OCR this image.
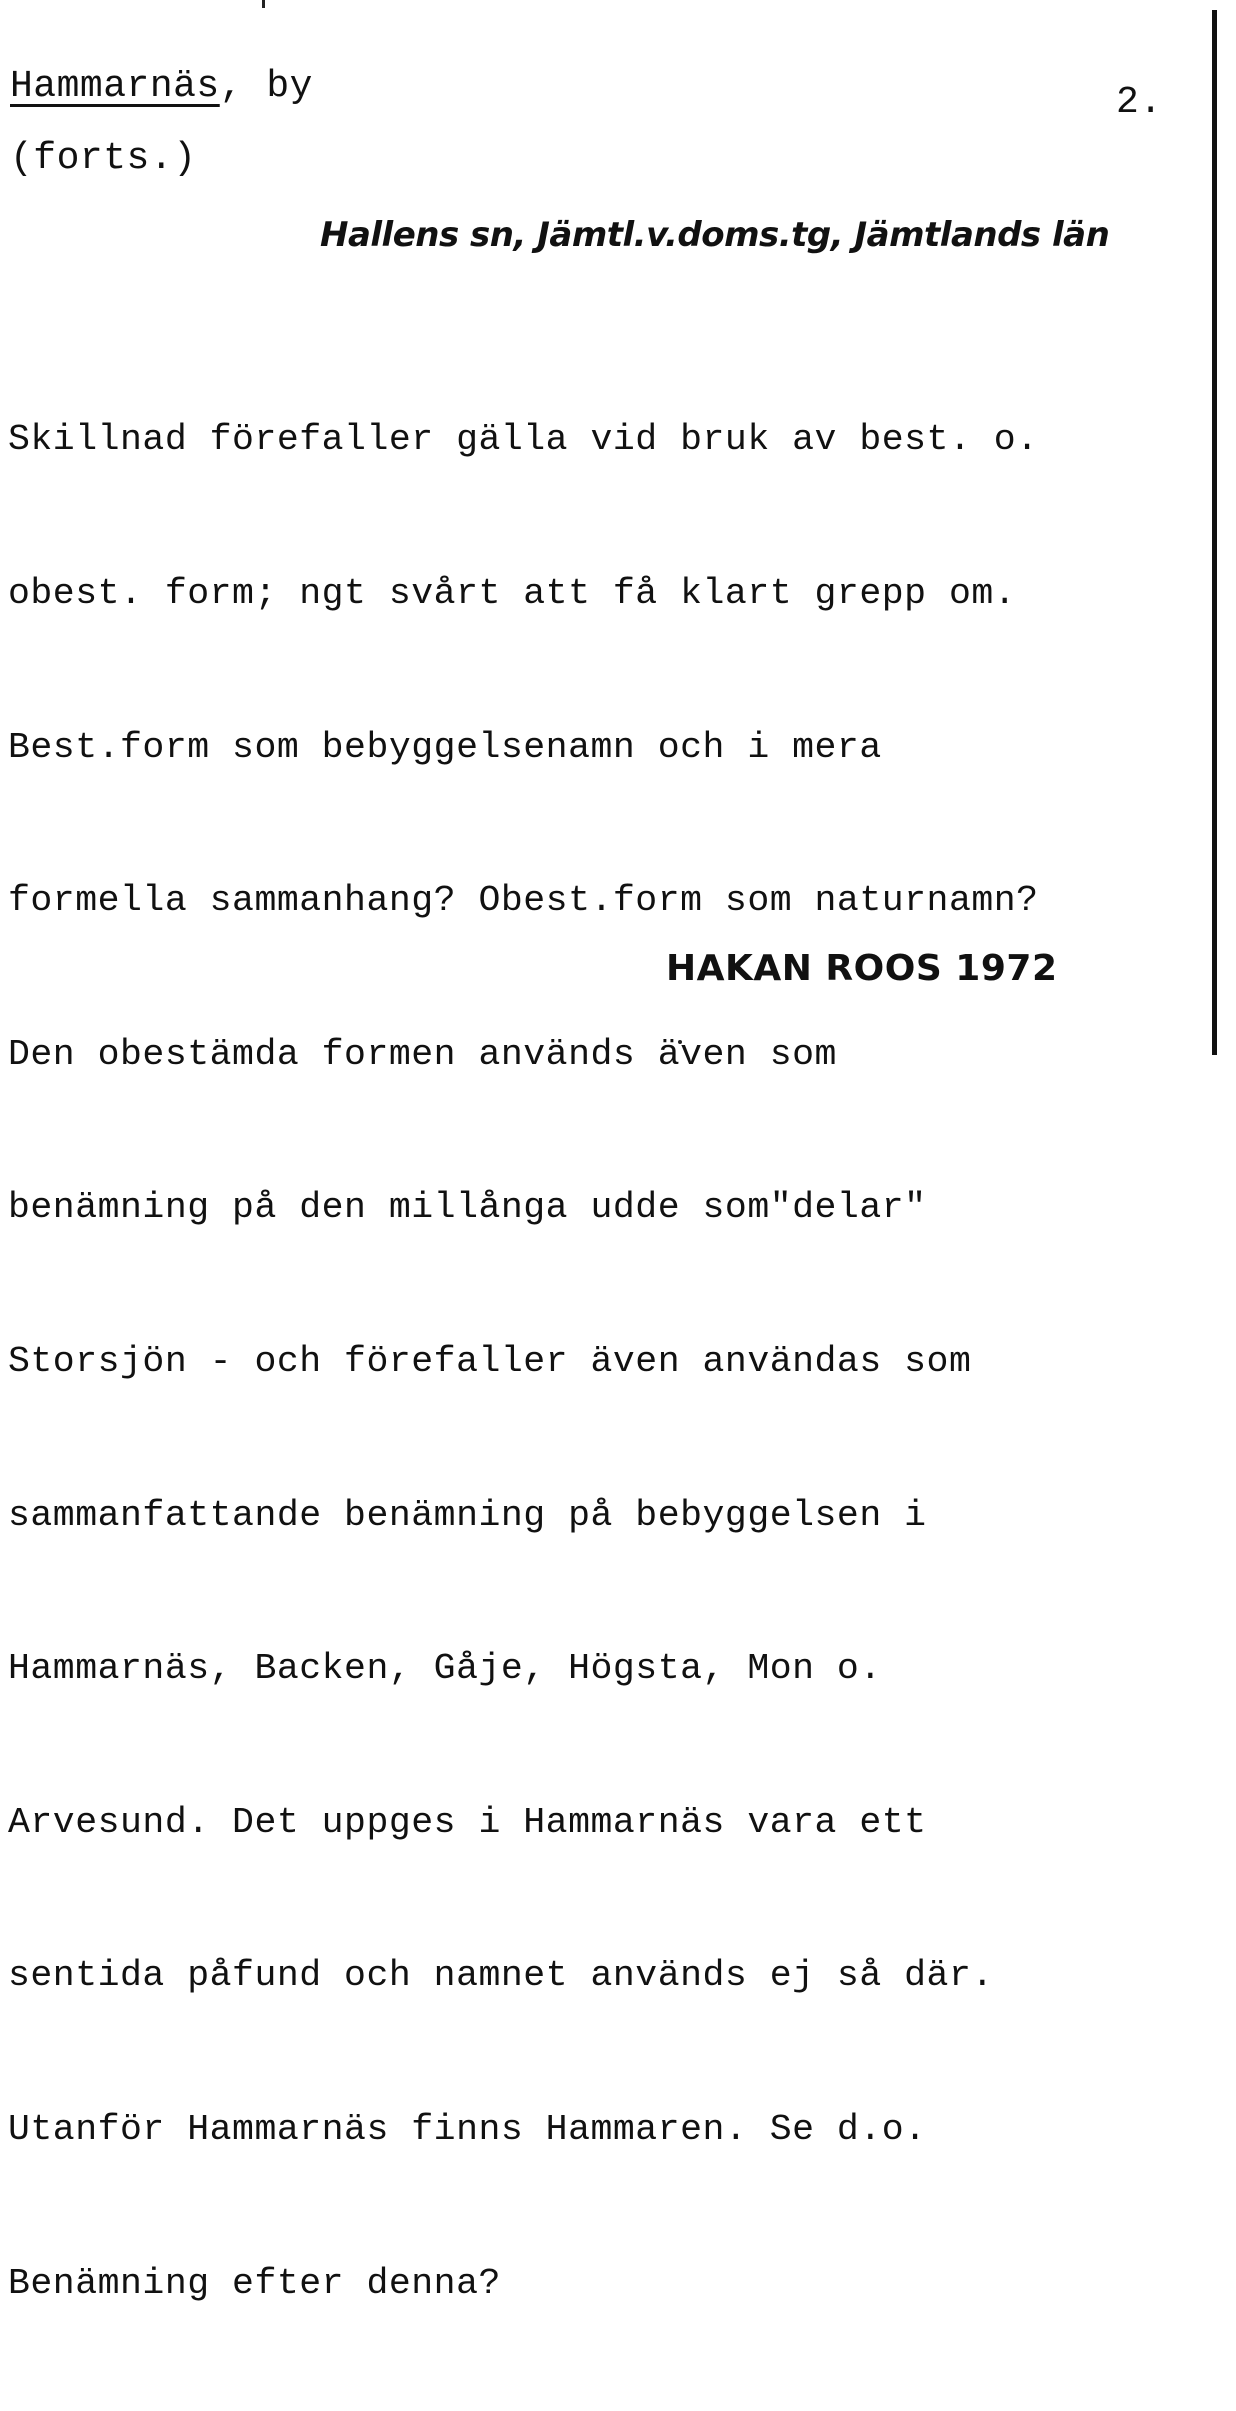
Hammarnäs, by
(forts.)
2.
Hallens sn, Jämtl.v.doms.tg, Jämtlands län

Skillnad förefaller gälla vid bruk av best. o.

obest. form; ngt svårt att få klart grepp om.

Best.form som bebyggelsenamn och i mera

formella sammanhang? Obest.form som naturnamn?

Den obestämda formen används även som

benämning på den millånga udde som"delar"

Storsjön - och förefaller även användas som

sammanfattande benämning på bebyggelsen i

Hammarnäs, Backen, Gåje, Högsta, Mon o.

Arvesund. Det uppges i Hammarnäs vara ett

sentida påfund och namnet används ej så där.

Utanför Hammarnäs finns Hammaren. Se d.o.

Benämning efter denna?

HAKAN ROOS 1972
